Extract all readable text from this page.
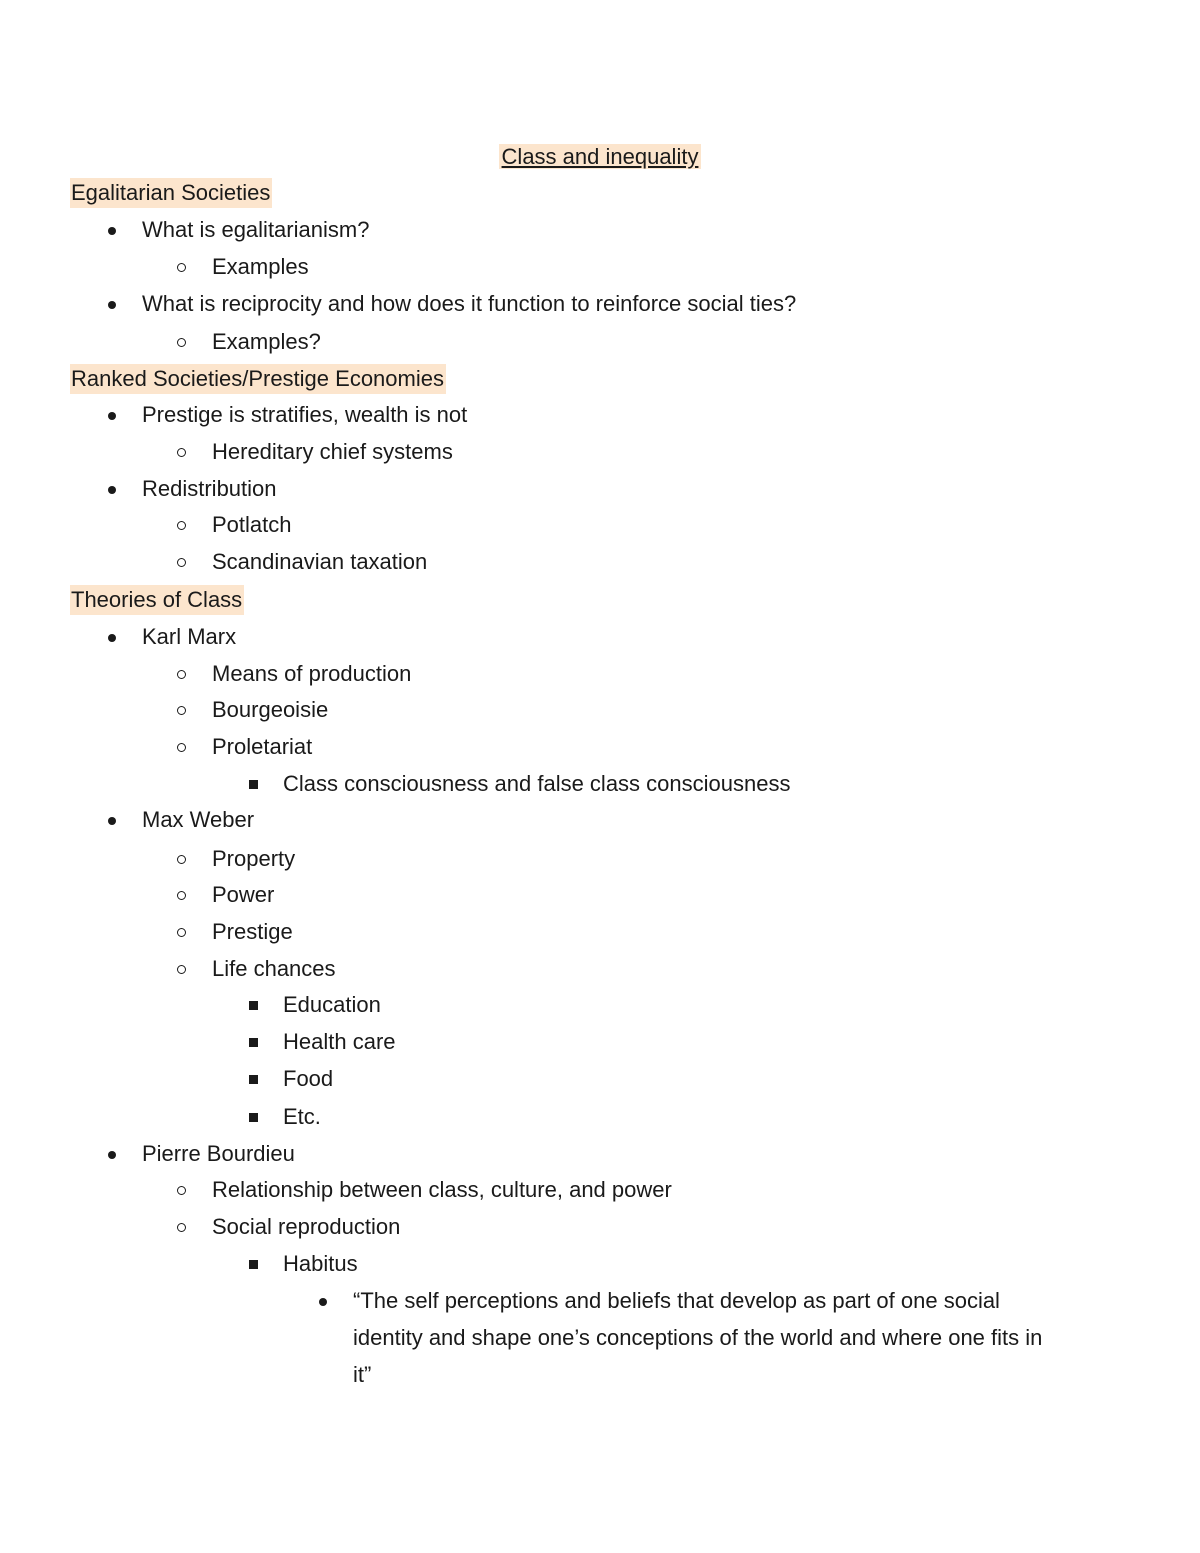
Class and inequality
Egalitarian Societies
What is egalitarianism?
Examples
What is reciprocity and how does it function to reinforce social ties?
Examples?
Ranked Societies/Prestige Economies
Prestige is stratifies, wealth is not
Hereditary chief systems
Redistribution
Potlatch
Scandinavian taxation
Theories of Class
Karl Marx
Means of production
Bourgeoisie
Proletariat
Class consciousness and false class consciousness
Max Weber
Property
Power
Prestige
Life chances
Education
Health care
Food
Etc.
Pierre Bourdieu
Relationship between class, culture, and power
Social reproduction
Habitus
“The self perceptions and beliefs that develop as part of one social
identity and shape one’s conceptions of the world and where one fits in
it”
